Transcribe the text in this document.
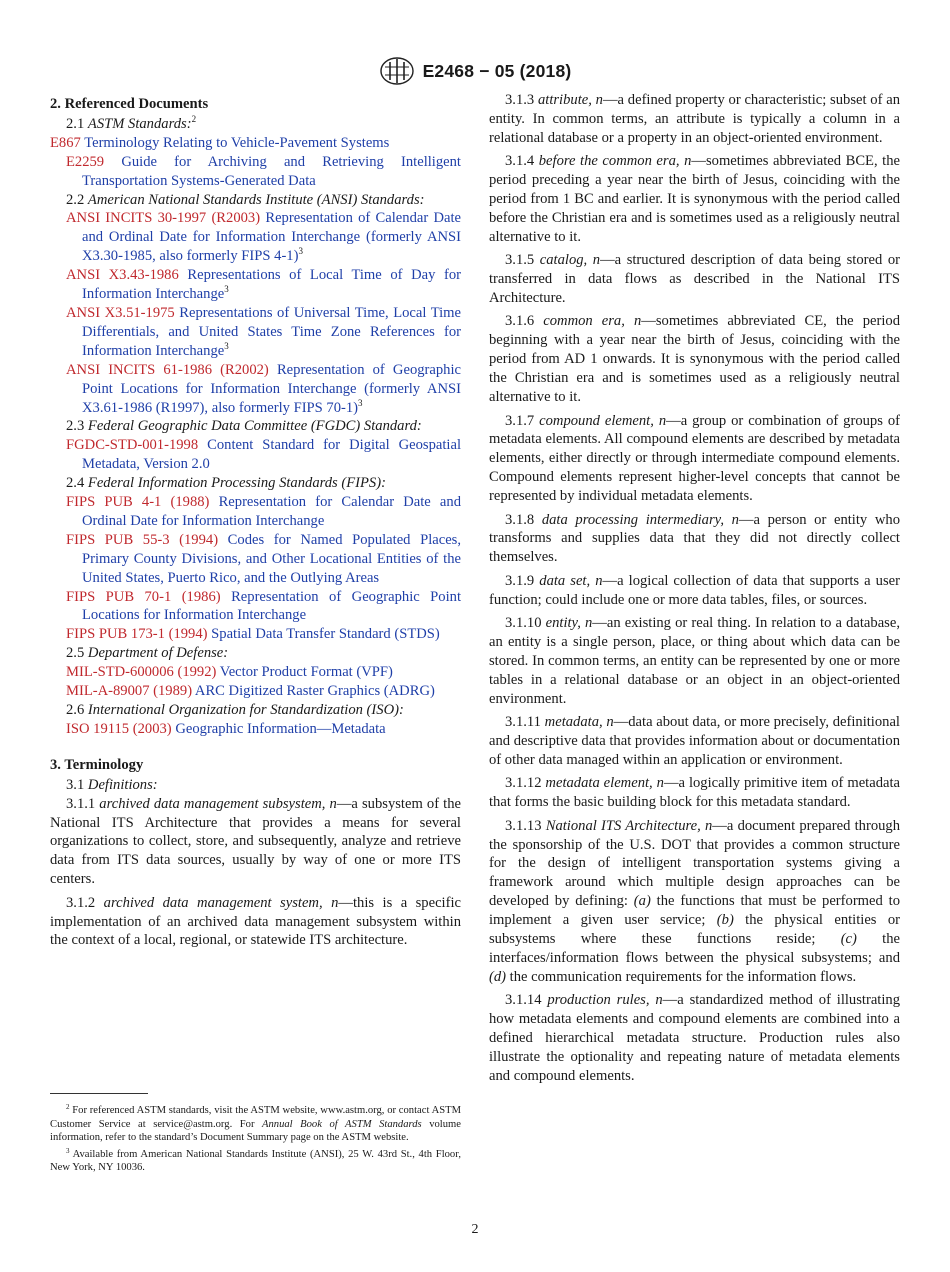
E2468 − 05 (2018)
2. Referenced Documents
2.1 ASTM Standards:$^2$
E867 Terminology Relating to Vehicle-Pavement Systems
E2259 Guide for Archiving and Retrieving Intelligent Transportation Systems-Generated Data
2.2 American National Standards Institute (ANSI) Standards:
ANSI INCITS 30-1997 (R2003) Representation of Calendar Date and Ordinal Date for Information Interchange (formerly ANSI X3.30-1985, also formerly FIPS 4-1)$^3$
ANSI X3.43-1986 Representations of Local Time of Day for Information Interchange$^3$
ANSI X3.51-1975 Representations of Universal Time, Local Time Differentials, and United States Time Zone References for Information Interchange$^3$
ANSI INCITS 61-1986 (R2002) Representation of Geographic Point Locations for Information Interchange (formerly ANSI X3.61-1986 (R1997), also formerly FIPS 70-1)$^3$
2.3 Federal Geographic Data Committee (FGDC) Standard:
FGDC-STD-001-1998 Content Standard for Digital Geospatial Metadata, Version 2.0
2.4 Federal Information Processing Standards (FIPS):
FIPS PUB 4-1 (1988) Representation for Calendar Date and Ordinal Date for Information Interchange
FIPS PUB 55-3 (1994) Codes for Named Populated Places, Primary County Divisions, and Other Locational Entities of the United States, Puerto Rico, and the Outlying Areas
FIPS PUB 70-1 (1986) Representation of Geographic Point Locations for Information Interchange
FIPS PUB 173-1 (1994) Spatial Data Transfer Standard (STDS)
2.5 Department of Defense:
MIL-STD-600006 (1992) Vector Product Format (VPF)
MIL-A-89007 (1989) ARC Digitized Raster Graphics (ADRG)
2.6 International Organization for Standardization (ISO):
ISO 19115 (2003) Geographic Information—Metadata
3. Terminology
3.1 Definitions:

3.1.1 archived data management subsystem, n—a subsystem of the National ITS Architecture that provides a means for several organizations to collect, store, and subsequently, analyze and retrieve data from ITS data sources, usually by way of one or more ITS centers.

3.1.2 archived data management system, n—this is a specific implementation of an archived data management subsystem within the context of a local, regional, or statewide ITS architecture.

3.1.3 attribute, n—a defined property or characteristic; subset of an entity. In common terms, an attribute is typically a column in a relational database or a property in an object-oriented environment.

3.1.4 before the common era, n—sometimes abbreviated BCE, the period preceding a year near the birth of Jesus, coinciding with the period from 1 BC and earlier. It is synonymous with the period called before the Christian era and is sometimes used as a religiously neutral alternative to it.

3.1.5 catalog, n—a structured description of data being stored or transferred in data flows as described in the National ITS Architecture.

3.1.6 common era, n—sometimes abbreviated CE, the period beginning with a year near the birth of Jesus, coinciding with the period from AD 1 onwards. It is synonymous with the period called the Christian era and is sometimes used as a religiously neutral alternative to it.

3.1.7 compound element, n—a group or combination of groups of metadata elements. All compound elements are described by metadata elements, either directly or through intermediate compound elements. Compound elements represent higher-level concepts that cannot be represented by individual metadata elements.

3.1.8 data processing intermediary, n—a person or entity who transforms and supplies data that they did not directly collect themselves.

3.1.9 data set, n—a logical collection of data that supports a user function; could include one or more data tables, files, or sources.

3.1.10 entity, n—an existing or real thing. In relation to a database, an entity is a single person, place, or thing about which data can be stored. In common terms, an entity can be represented by one or more tables in a relational database or an object in an object-oriented environment.

3.1.11 metadata, n—data about data, or more precisely, definitional and descriptive data that provides information about or documentation of other data managed within an application or environment.

3.1.12 metadata element, n—a logically primitive item of metadata that forms the basic building block for this metadata standard.

3.1.13 National ITS Architecture, n—a document prepared through the sponsorship of the U.S. DOT that provides a common structure for the design of intelligent transportation systems giving a framework around which multiple design approaches can be developed by defining: (a) the functions that must be performed to implement a given user service; (b) the physical entities or subsystems where these functions reside; (c) the interfaces/information flows between the physical subsystems; and (d) the communication requirements for the information flows.

3.1.14 production rules, n—a standardized method of illustrating how metadata elements and compound elements are combined into a defined hierarchical metadata structure. Production rules also illustrate the optionality and repeating nature of metadata elements and compound elements.

$^2$ For referenced ASTM standards, visit the ASTM website, www.astm.org, or contact ASTM Customer Service at service@astm.org. For Annual Book of ASTM Standards volume information, refer to the standard’s Document Summary page on the ASTM website.
$^3$ Available from American National Standards Institute (ANSI), 25 W. 43rd St., 4th Floor, New York, NY 10036.
2
